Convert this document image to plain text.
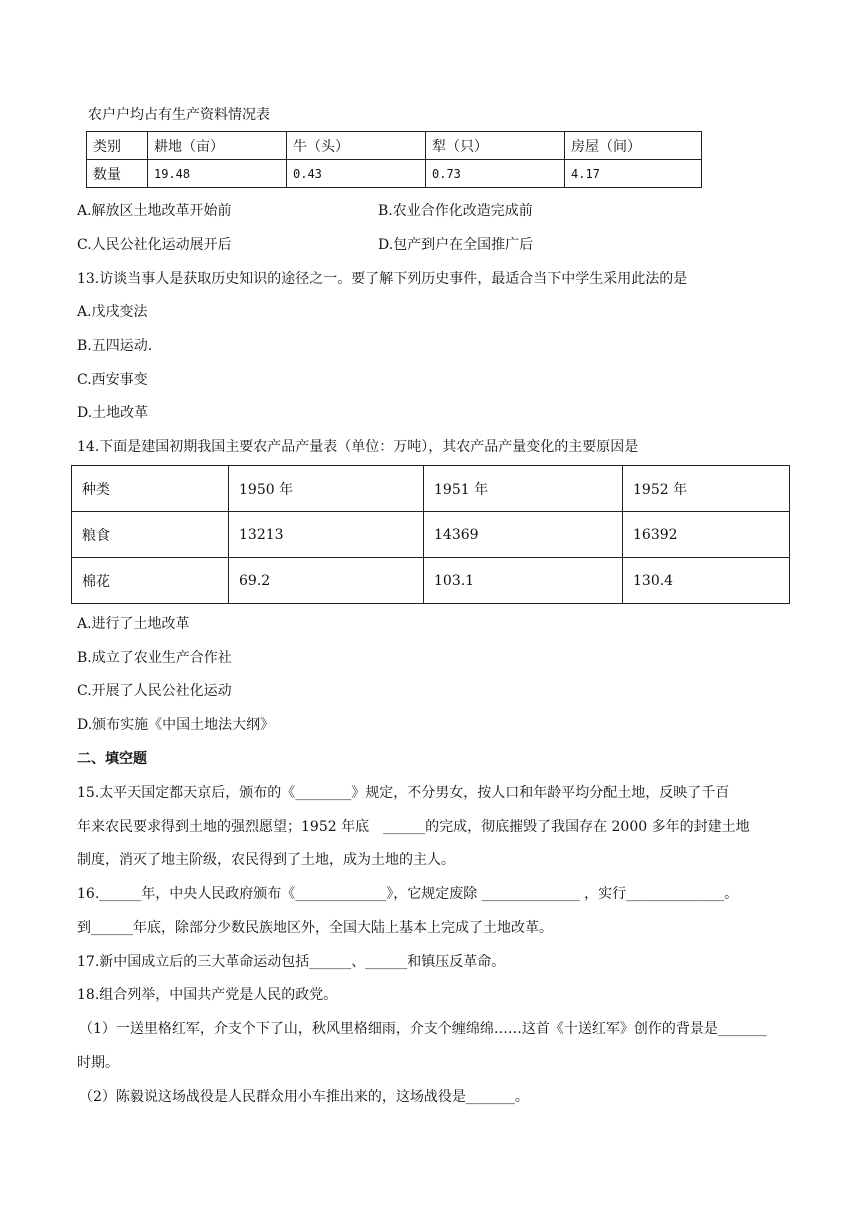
农户户均占有生产资料情况表
类别	耕地（亩）	牛（头）	犁（只）	房屋（间）
数量	19.48	0.43	0.73	4.17
A.解放区土地改革开始前	B.农业合作化改造完成前
C.人民公社化运动展开后	D.包产到户在全国推广后
13.访谈当事人是获取历史知识的途径之一。要了解下列历史事件，最适合当下中学生采用此法的是
A.戊戌变法
B.五四运动.
C.西安事变
D.土地改革
14.下面是建国初期我国主要农产品产量表（单位：万吨），其农产品产量变化的主要原因是
种类	1950 年	1951 年	1952 年
粮食	13213	14369	16392
棉花	69.2	103.1	130.4
A.进行了土地改革
B.成立了农业生产合作社
C.开展了人民公社化运动
D.颁布实施《中国土地法大纲》
二、填空题
15.太平天国定都天京后，颁布的《________》规定，不分男女，按人口和年龄平均分配土地，反映了千百
年来农民要求得到土地的强烈愿望；1952 年底　______的完成，彻底摧毁了我国存在 2000 多年的封建土地
制度，消灭了地主阶级，农民得到了土地，成为土地的主人。
16.______年，中央人民政府颁布《_____________》，它规定废除 ______________ ，实行______________。
到______年底，除部分少数民族地区外，全国大陆上基本上完成了土地改革。
17.新中国成立后的三大革命运动包括______、______和镇压反革命。
18.组合列举，中国共产党是人民的政党。
（1）一送里格红军，介支个下了山，秋风里格细雨，介支个缠绵绵……这首《十送红军》创作的背景是_______
时期。
（2）陈毅说这场战役是人民群众用小车推出来的，这场战役是_______。
